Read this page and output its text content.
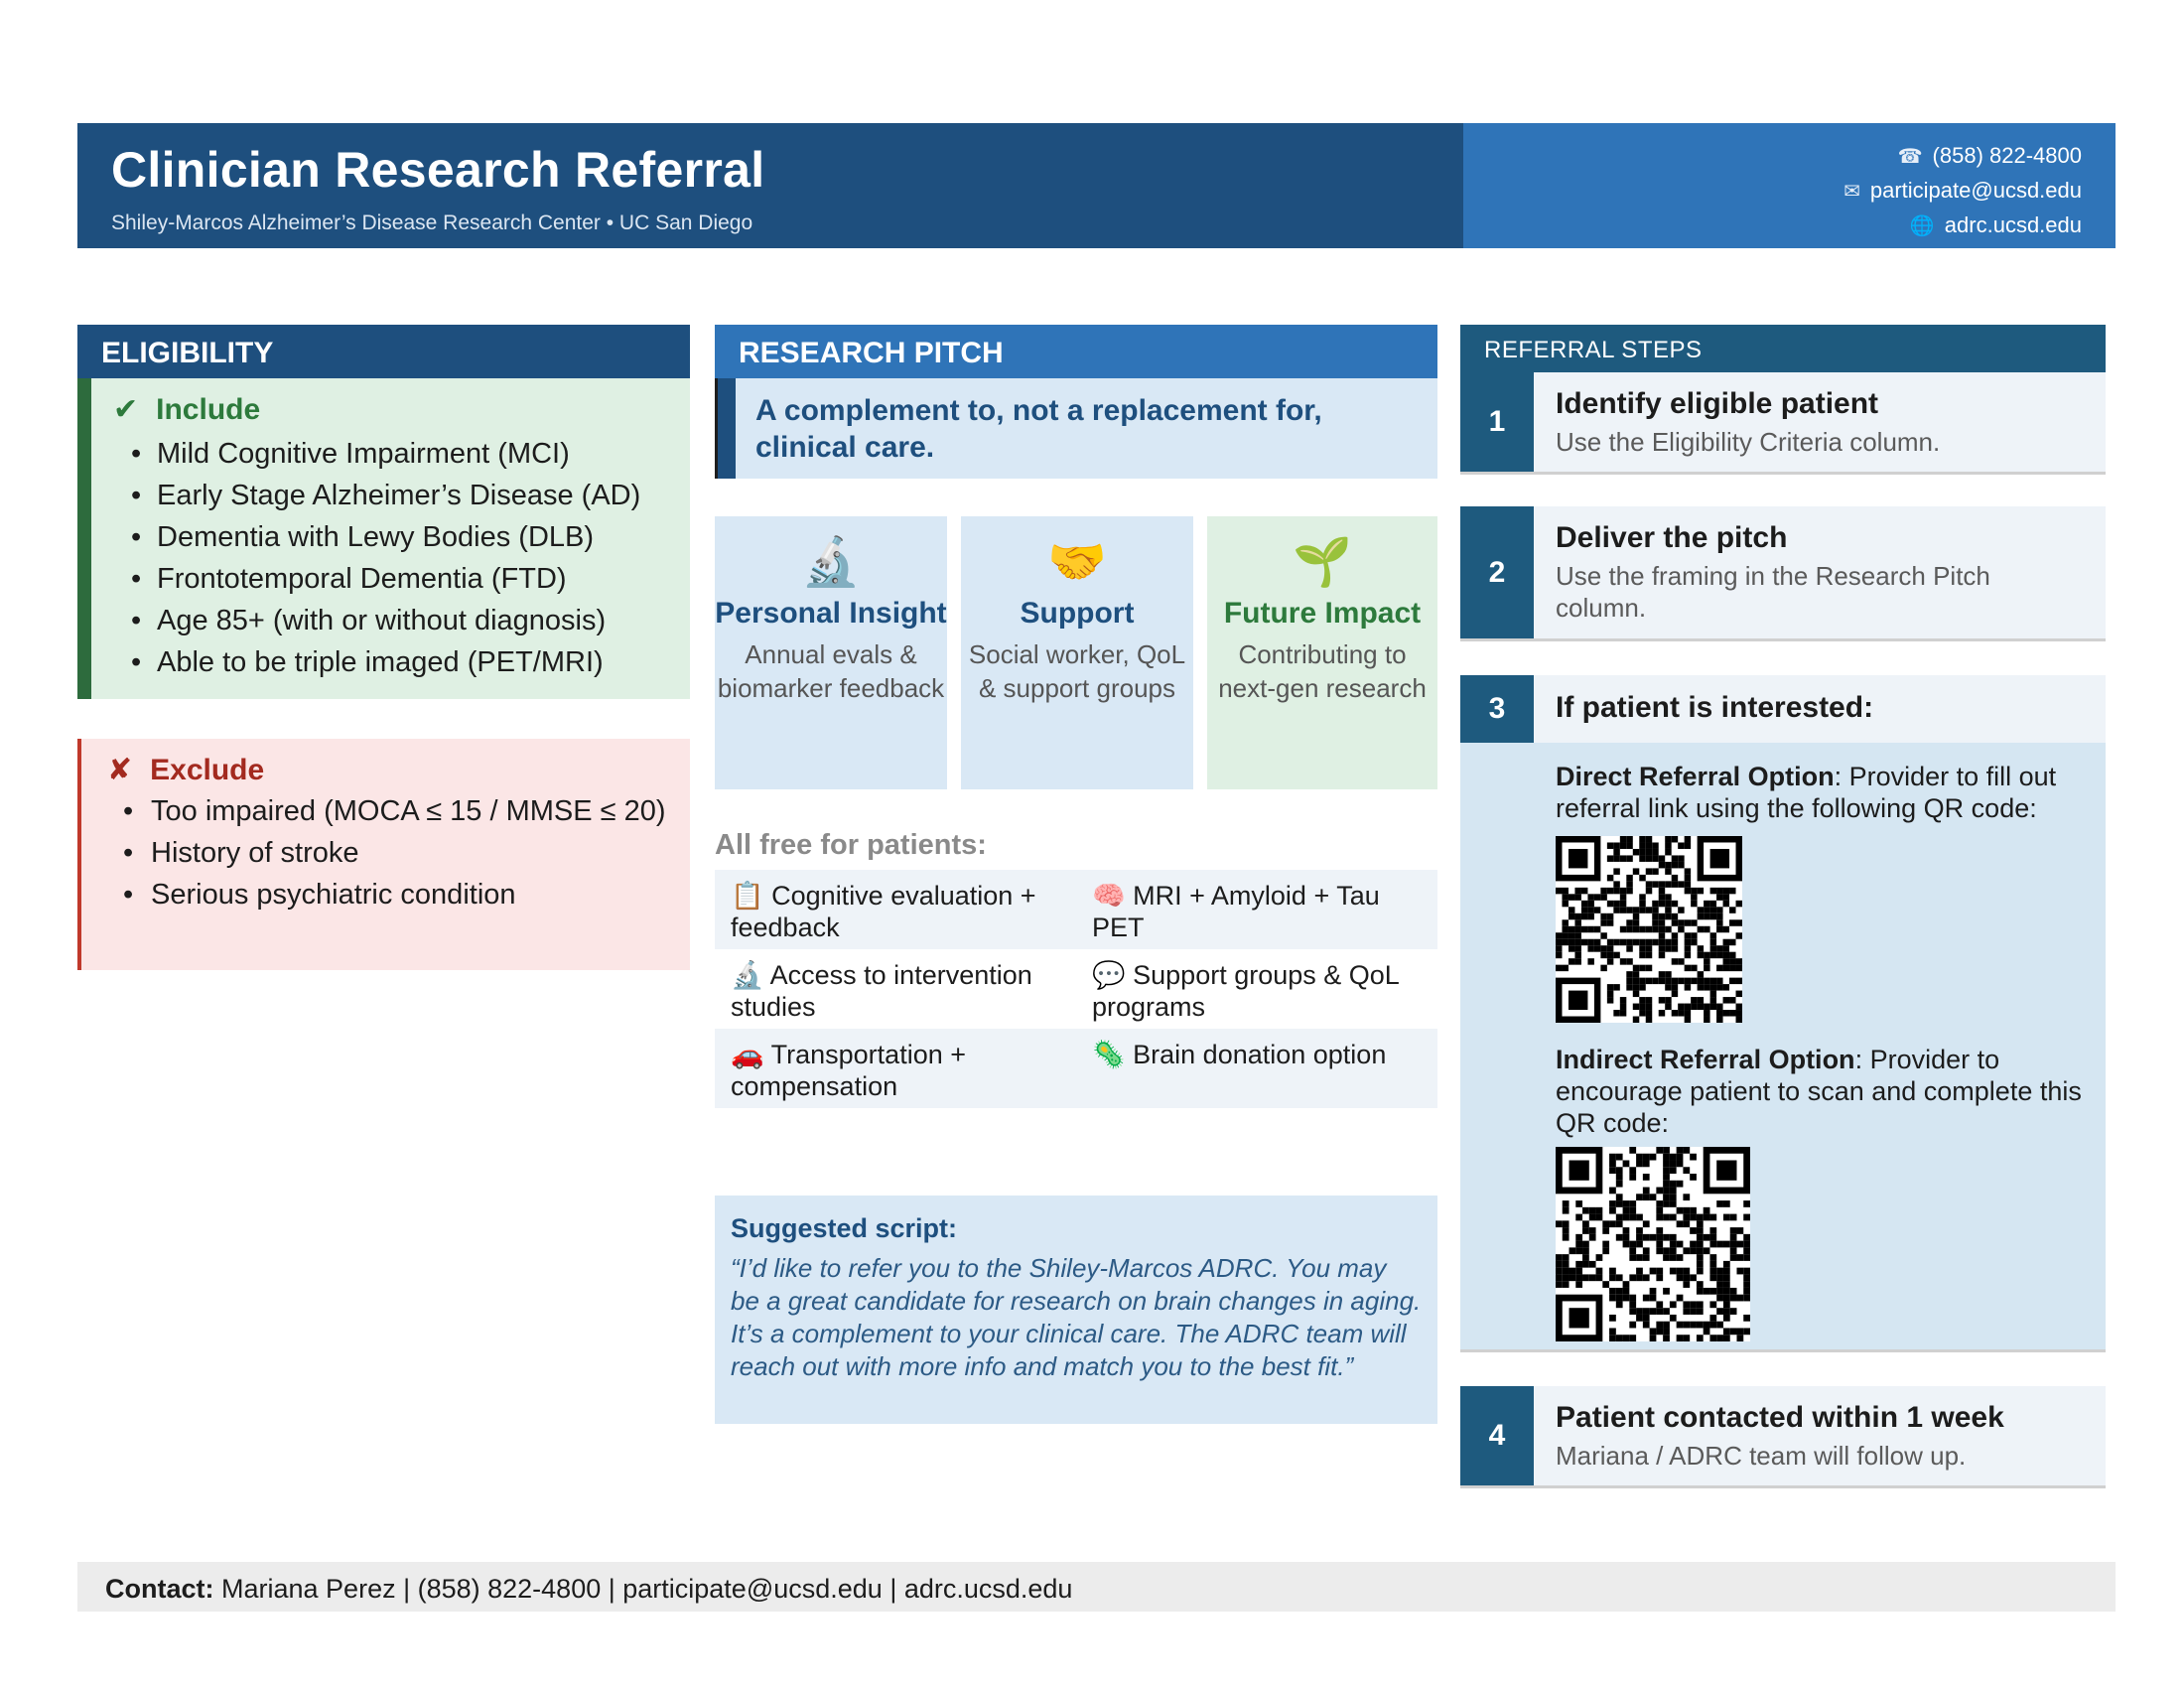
Clinician Research Referral
Shiley-Marcos Alzheimer’s Disease Research Center • UC San Diego
☎ (858) 822-4800
✉ participate@ucsd.edu
🌐 adrc.ucsd.edu
ELIGIBILITY
✔ Include
• Mild Cognitive Impairment (MCI)
• Early Stage Alzheimer’s Disease (AD)
• Dementia with Lewy Bodies (DLB)
• Frontotemporal Dementia (FTD)
• Age 85+ (with or without diagnosis)
• Able to be triple imaged (PET/MRI)
✘ Exclude
• Too impaired (MOCA ≤ 15 / MMSE ≤ 20)
• History of stroke
• Serious psychiatric condition
RESEARCH PITCH
A complement to, not a replacement for, clinical care.
🔬
Personal Insight
Annual evals & biomarker feedback
🤝
Support
Social worker, QoL & support groups
🌱
Future Impact
Contributing to next-gen research
All free for patients:
📋 Cognitive evaluation + feedback
🧠 MRI + Amyloid + Tau PET
🔬 Access to intervention studies
💬 Support groups & QoL programs
🚗 Transportation + compensation
🦠 Brain donation option
Suggested script:
“I’d like to refer you to the Shiley-Marcos ADRC. You may be a great candidate for research on brain changes in aging. It’s a complement to your clinical care. The ADRC team will reach out with more info and match you to the best fit.”
REFERRAL STEPS
1
Identify eligible patient
Use the Eligibility Criteria column.
2
Deliver the pitch
Use the framing in the Research Pitch column.
3	If patient is interested:
Direct Referral Option: Provider to fill out referral link using the following QR code:
Indirect Referral Option: Provider to encourage patient to scan and complete this QR code:
4
Patient contacted within 1 week
Mariana / ADRC team will follow up.
Contact: Mariana Perez | (858) 822-4800 | participate@ucsd.edu | adrc.ucsd.edu
